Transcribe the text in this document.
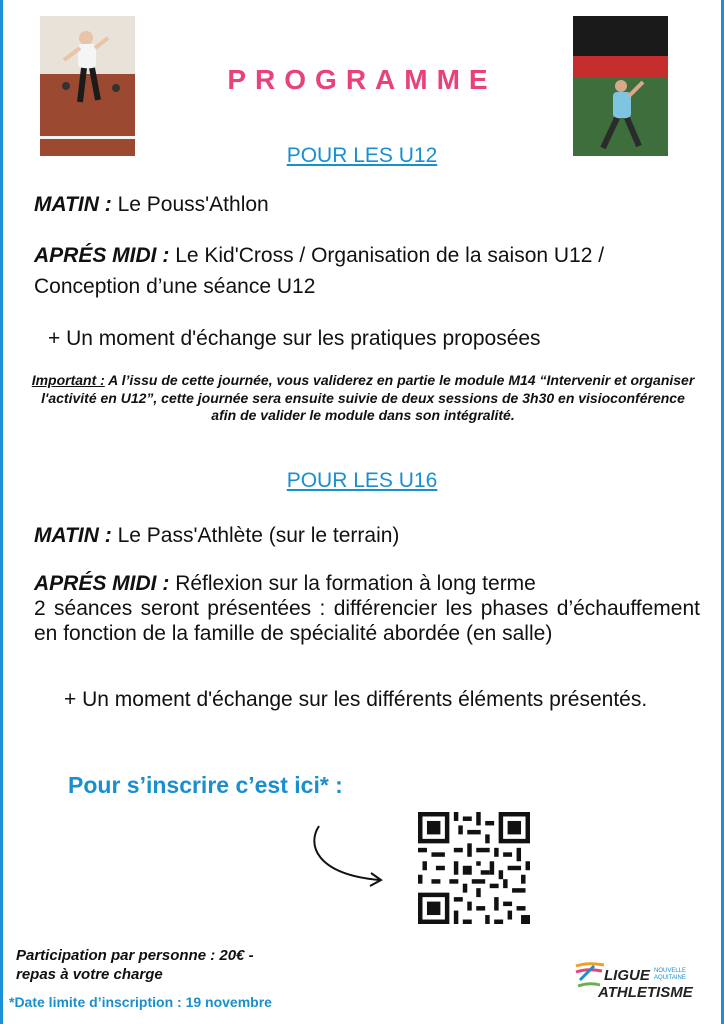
PROGRAMME
POUR LES U12
MATIN : Le Pouss'Athlon
APRÉS MIDI : Le Kid'Cross / Organisation de la saison U12 / Conception d’une séance U12
+ Un moment d'échange sur les pratiques proposées
Important : A l’issu de cette journée, vous validerez en partie le module M14 “Intervenir et organiser l'activité en U12”, cette journée sera ensuite suivie de deux sessions de 3h30 en visioconférence afin de valider le module dans son intégralité.
POUR LES U16
MATIN : Le Pass'Athlète (sur le terrain)
APRÉS MIDI : Réflexion sur la formation à long terme
2 séances seront présentées : différencier les phases d’échauffement en fonction de la famille de spécialité abordée (en salle)
+ Un moment d'échange sur les différents éléments présentés.
Pour s’inscrire c’est ici* :
Participation par personne : 20€ -
repas à votre charge
*Date limite d’inscription : 19 novembre
LIGUE NOUVELLE
AQUITAINE
ATHLETISME
